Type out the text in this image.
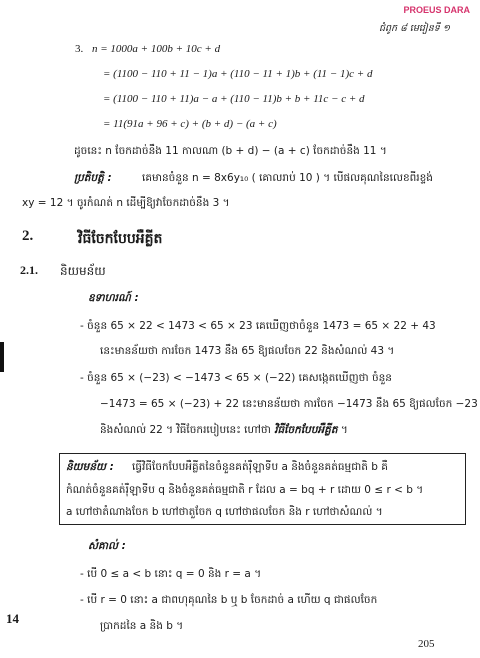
PROEUS DARA
ជំពូក ៨ មេរៀនទី ១
3. n = 1000a + 100b + 10c + d
= (1100 − 110 + 11 − 1)a + (110 − 11 + 1)b + (11 − 1)c + d
= (1100 − 110 + 11)a − a + (110 − 11)b + b + 11c − c + d
= 11(91a + 96 + c) + (b + d) − (a + c)
ដូចនេះ n ចែកដាច់នឹង 11 កាលណា (b + d) − (a + c) ចែកដាច់នឹង 11 ។
ប្រតិបត្តិ :	គេមានចំនួន n = 8x6y₁₀ ( គោលរាប់ 10 ) ។ បើផលគុណនៃលេខពីរខ្ទង់
xy = 12 ។ ចូរកំណត់ n ដើម្បីឱ្យវាចែកដាច់នឹង 3 ។
2.	វិធីចែកបែបអឺគ្លីត
2.1. និយមន័យ
ឧទាហរណ៍ :
- ចំនួន 65 × 22 < 1473 < 65 × 23 គេឃើញថាចំនួន 1473 = 65 × 22 + 43
នេះមានន័យថា ការចែក 1473 នឹង 65 ឱ្យផលចែក 22 និងសំណល់ 43 ។
- ចំនួន 65 × (−23) < −1473 < 65 × (−22) គេសង្កេតឃើញថា ចំនួន
−1473 = 65 × (−23) + 22 នេះមានន័យថា ការចែក −1473 នឹង 65 ឱ្យផលចែក −23
និងសំណល់ 22 ។ វិធីចែករបៀបនេះ ហៅថា វិធីចែកបែបអឺគ្លីត ។
និយមន័យ : ធ្វើវិធីចែកបែបអឺគ្លីតនៃចំនួនគត់រ៉ឺឡាទីប a និងចំនួនគត់ធម្មជាតិ b គឺ
កំណត់ចំនួនគត់រ៉ឺឡាទីប q និងចំនួនគត់ធម្មជាតិ r ដែល a = bq + r ដោយ 0 ≤ r < b ។
a ហៅថាតំណាងចែក b ហៅថាតួចែក q ហៅថាផលចែក និង r ហៅថាសំណល់ ។
សំគាល់ :
- បើ 0 ≤ a < b នោះ q = 0 និង r = a ។
- បើ r = 0 នោះ a ជាពហុគុណនៃ b ឬ b ចែកដាច់ a ហើយ q ជាផលចែក
ប្រាកដនៃ a និង b ។
14
205
